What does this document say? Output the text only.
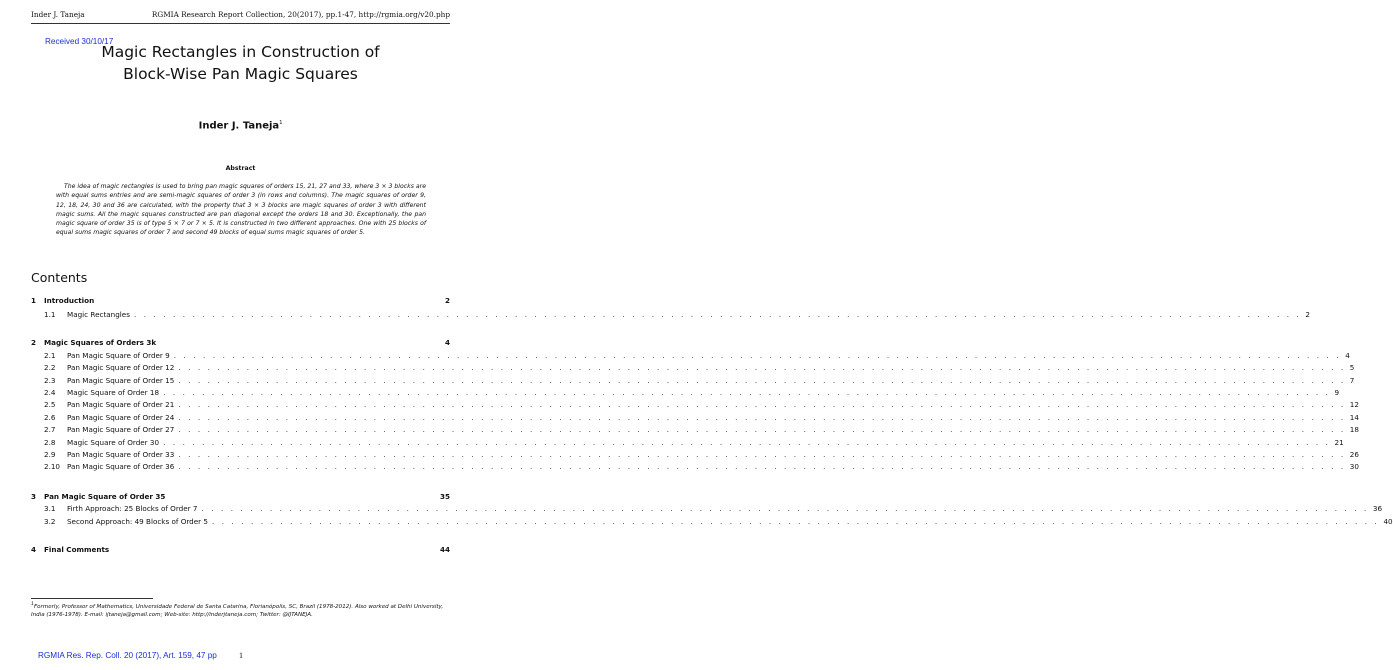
Inder J. Taneja	RGMIA Research Report Collection, 20(2017), pp.1-47, http://rgmia.org/v20.php
Received 30/10/17
Magic Rectangles in Construction of
Block-Wise Pan Magic Squares
Inder J. Taneja$^1$
Abstract
The idea of magic rectangles is used to bring pan magic squares of orders 15, 21, 27 and 33, where 3 × 3 blocks are with equal sums entries and are semi-magic squares of order 3 (in rows and columns). The magic squares of order 9, 12, 18, 24, 30 and 36 are calculated, with the property that 3 × 3 blocks are magic squares of order 3 with different magic sums. All the magic squares constructed are pan diagonal except the orders 18 and 30. Exceptionally, the pan magic square of order 35 is of type 5 × 7 or 7 × 5. It is constructed in two different approaches. One with 25 blocks of equal sums magic squares of order 7 and second 49 blocks of equal sums magic squares of order 5.
Contents
1	Introduction	2
1.1	Magic Rectangles . . . . . . . . . . . . . . . . . . . . . . . . . . . . . . . . . . . . . . . . . . . . . . . . . . . . . . . . . . . . . . . . . . . . . . . . . . . . . . . . . . . . . . . . . . . . . . . . . . . . . . . . . . . . . . . . . . . . . . . . 2
2	Magic Squares of Orders 3k	4
2.1	Pan Magic Square of Order 9 . . . . . . . . . . . . . . . . . . . . . . . . . . . . . . . . . . . . . . . . . . . . . . . . . . . . . . . . . . . . . . . . . . . . . . . . . . . . . . . . . . . . . . . . . . . . . . . . . . . . . . . . . . . . . . . . . . . . . . . . 4
2.2	Pan Magic Square of Order 12 . . . . . . . . . . . . . . . . . . . . . . . . . . . . . . . . . . . . . . . . . . . . . . . . . . . . . . . . . . . . . . . . . . . . . . . . . . . . . . . . . . . . . . . . . . . . . . . . . . . . . . . . . . . . . . . . . . . . . . . . 5
2.3	Pan Magic Square of Order 15 . . . . . . . . . . . . . . . . . . . . . . . . . . . . . . . . . . . . . . . . . . . . . . . . . . . . . . . . . . . . . . . . . . . . . . . . . . . . . . . . . . . . . . . . . . . . . . . . . . . . . . . . . . . . . . . . . . . . . . . . 7
2.4	Magic Square of Order 18 . . . . . . . . . . . . . . . . . . . . . . . . . . . . . . . . . . . . . . . . . . . . . . . . . . . . . . . . . . . . . . . . . . . . . . . . . . . . . . . . . . . . . . . . . . . . . . . . . . . . . . . . . . . . . . . . . . . . . . . . 9
2.5	Pan Magic Square of Order 21 . . . . . . . . . . . . . . . . . . . . . . . . . . . . . . . . . . . . . . . . . . . . . . . . . . . . . . . . . . . . . . . . . . . . . . . . . . . . . . . . . . . . . . . . . . . . . . . . . . . . . . . . . . . . . . . . . . . . . . . . 12
2.6	Pan Magic Square of Order 24 . . . . . . . . . . . . . . . . . . . . . . . . . . . . . . . . . . . . . . . . . . . . . . . . . . . . . . . . . . . . . . . . . . . . . . . . . . . . . . . . . . . . . . . . . . . . . . . . . . . . . . . . . . . . . . . . . . . . . . . . 14
2.7	Pan Magic Square of Order 27 . . . . . . . . . . . . . . . . . . . . . . . . . . . . . . . . . . . . . . . . . . . . . . . . . . . . . . . . . . . . . . . . . . . . . . . . . . . . . . . . . . . . . . . . . . . . . . . . . . . . . . . . . . . . . . . . . . . . . . . . 18
2.8	Magic Square of Order 30 . . . . . . . . . . . . . . . . . . . . . . . . . . . . . . . . . . . . . . . . . . . . . . . . . . . . . . . . . . . . . . . . . . . . . . . . . . . . . . . . . . . . . . . . . . . . . . . . . . . . . . . . . . . . . . . . . . . . . . . . 21
2.9	Pan Magic Square of Order 33 . . . . . . . . . . . . . . . . . . . . . . . . . . . . . . . . . . . . . . . . . . . . . . . . . . . . . . . . . . . . . . . . . . . . . . . . . . . . . . . . . . . . . . . . . . . . . . . . . . . . . . . . . . . . . . . . . . . . . . . . 26
2.10 Pan Magic Square of Order 36 . . . . . . . . . . . . . . . . . . . . . . . . . . . . . . . . . . . . . . . . . . . . . . . . . . . . . . . . . . . . . . . . . . . . . . . . . . . . . . . . . . . . . . . . . . . . . . . . . . . . . . . . . . . . . . . . . . . . . . . . 30
3	Pan Magic Square of Order 35	35
3.1	Firth Approach: 25 Blocks of Order 7 . . . . . . . . . . . . . . . . . . . . . . . . . . . . . . . . . . . . . . . . . . . . . . . . . . . . . . . . . . . . . . . . . . . . . . . . . . . . . . . . . . . . . . . . . . . . . . . . . . . . . . . . . . . . . . . . . . . . . . . . 36
3.2	Second Approach: 49 Blocks of Order 5 . . . . . . . . . . . . . . . . . . . . . . . . . . . . . . . . . . . . . . . . . . . . . . . . . . . . . . . . . . . . . . . . . . . . . . . . . . . . . . . . . . . . . . . . . . . . . . . . . . . . . . . . . . . . . . . . . . . . . . . . 40
4	Final Comments	44
$^1$Formerly, Professor of Mathematics, Universidade Federal de Santa Catarina, Florianópolis, SC, Brazil (1978-2012). Also worked at Delhi University, India (1976-1978). E-mail: ijtaneja@gmail.com; Web-site: http://inderjtaneja.com; Twitter: @IJTANEJA.
RGMIA Res. Rep. Coll. 20 (2017), Art. 159, 47 pp	1
